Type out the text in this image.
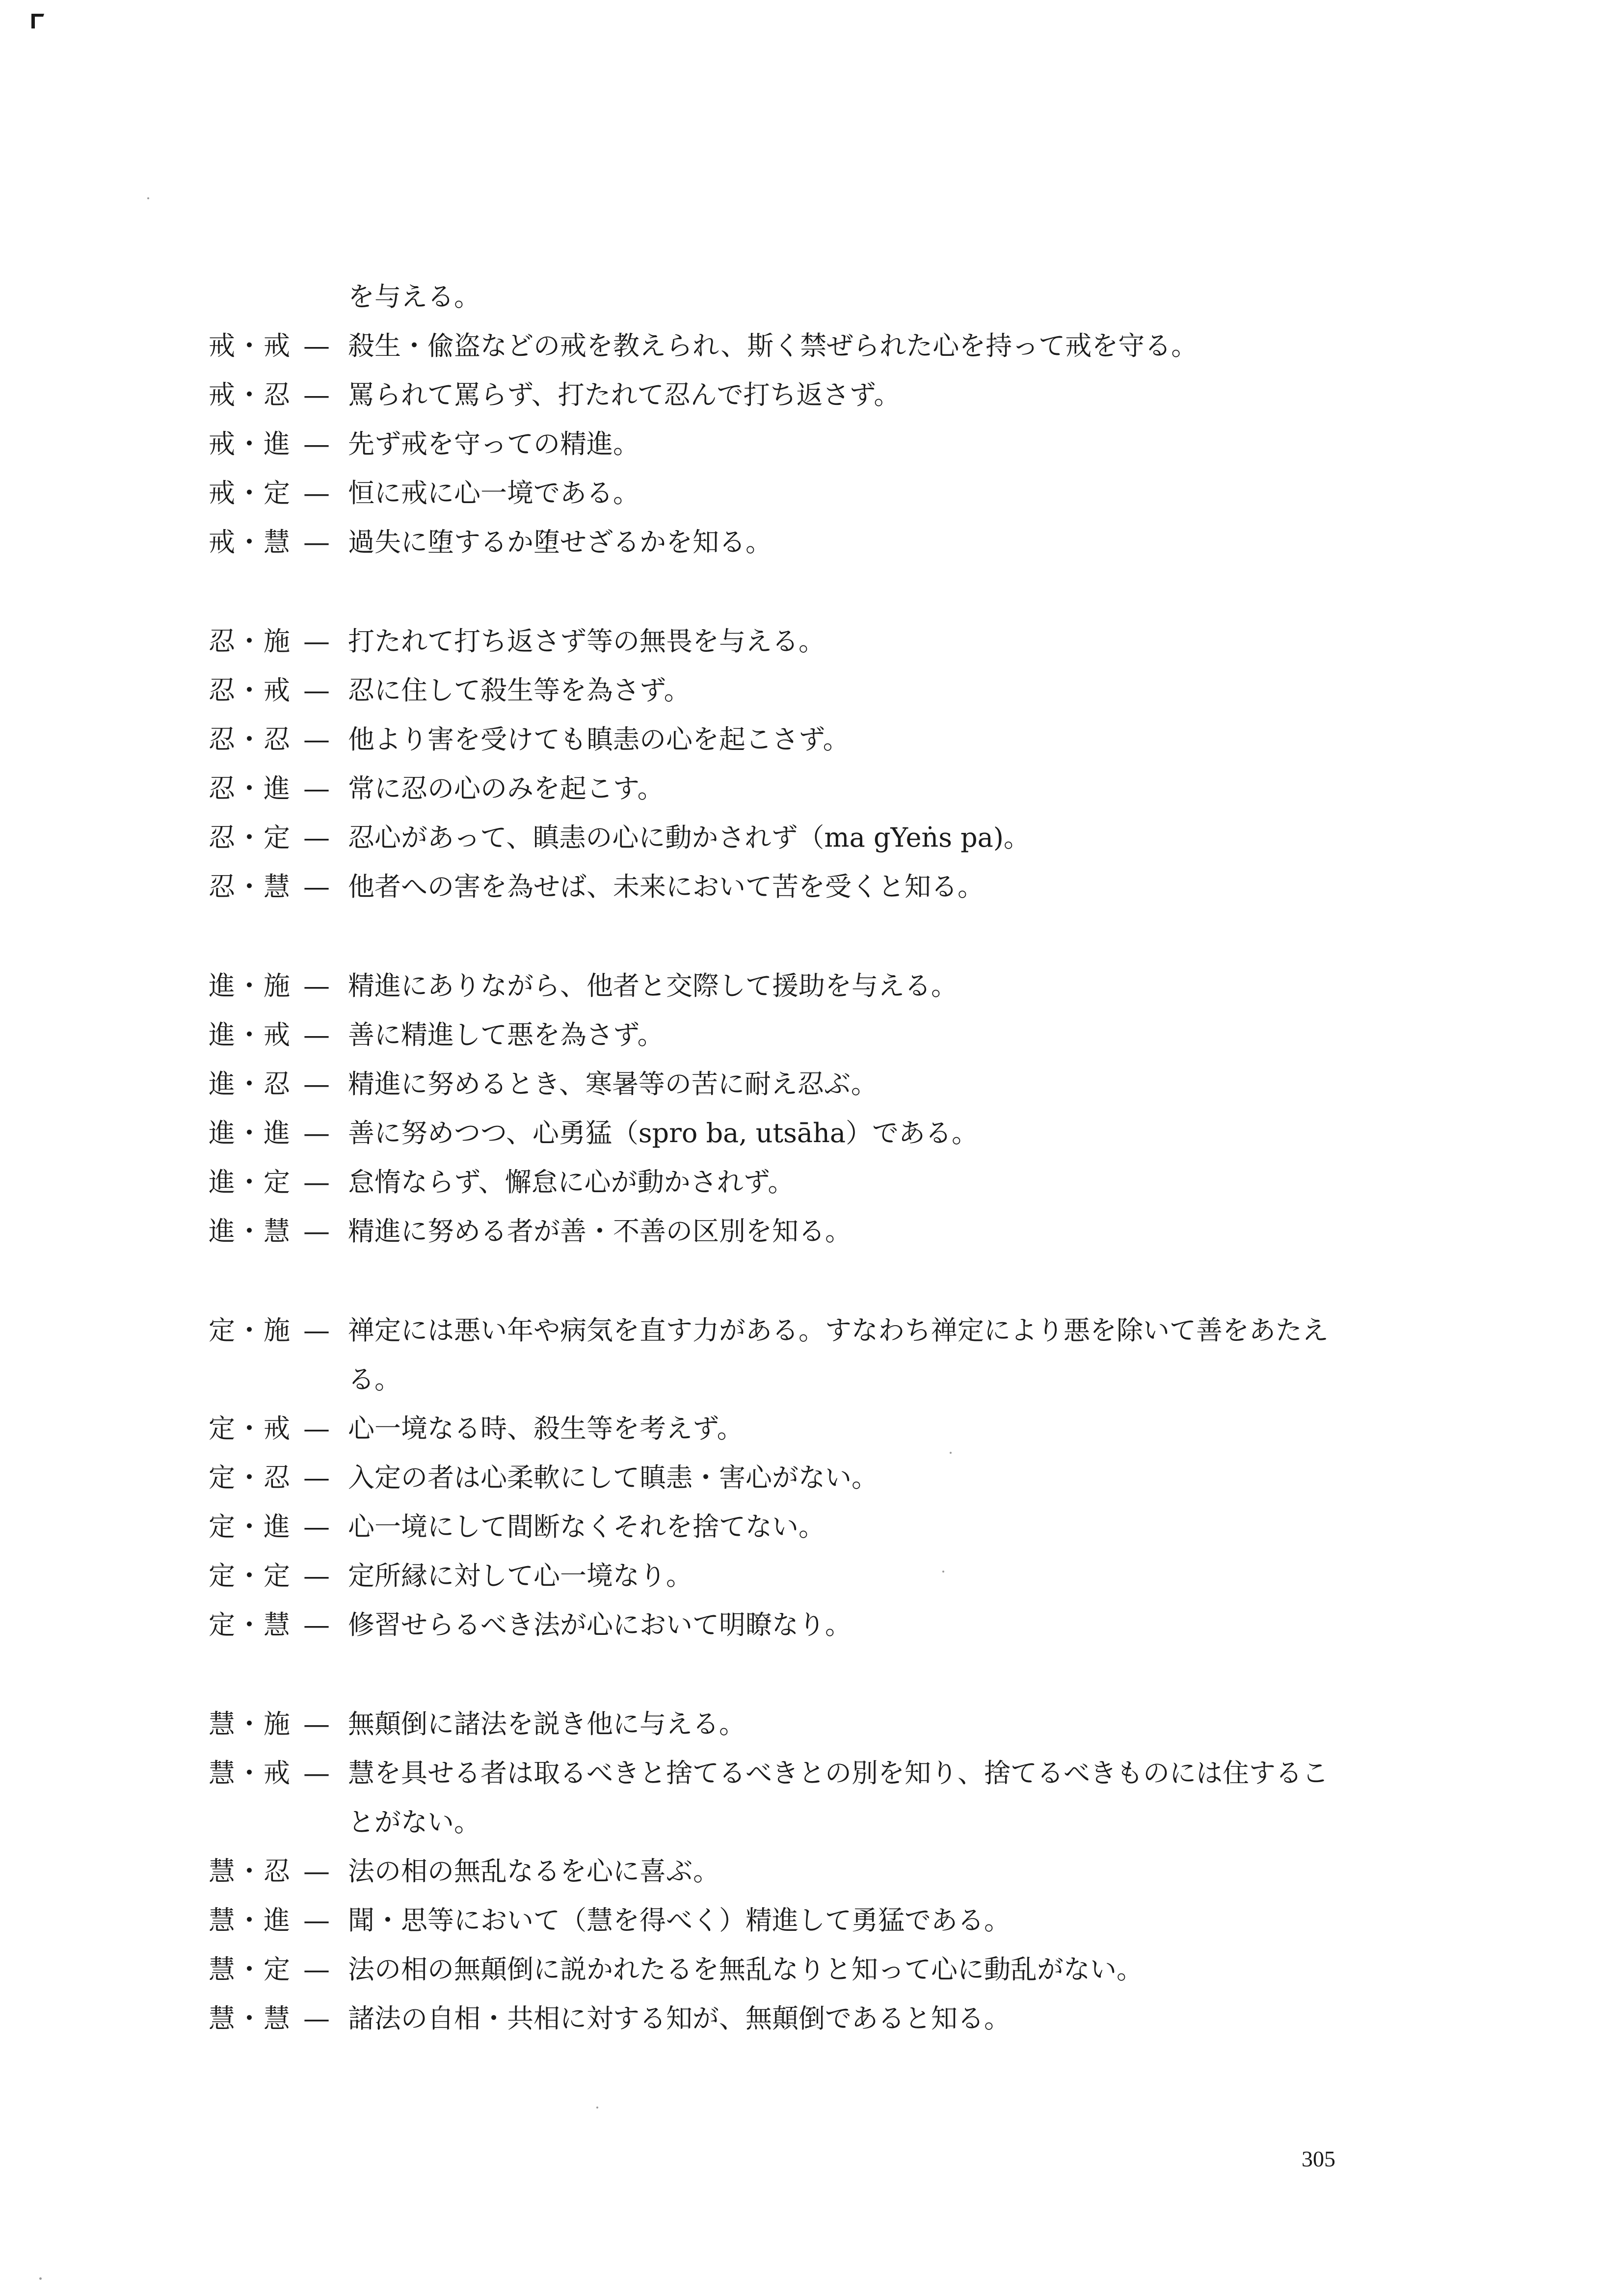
を与える。
戒・戒 — 殺生・偸盗などの戒を教えられ、斯く禁ぜられた心を持って戒を守る。
戒・忍 — 罵られて罵らず、打たれて忍んで打ち返さず。
戒・進 — 先ず戒を守っての精進。
戒・定 — 恒に戒に心一境である。
戒・慧 — 過失に堕するか堕せざるかを知る。
忍・施 — 打たれて打ち返さず等の無畏を与える。
忍・戒 — 忍に住して殺生等を為さず。
忍・忍 — 他より害を受けても瞋恚の心を起こさず。
忍・進 — 常に忍の心のみを起こす。
忍・定 — 忍心があって、瞋恚の心に動かされず（ma gYeṅs pa)。
忍・慧 — 他者への害を為せば、未来において苦を受くと知る。
進・施 — 精進にありながら、他者と交際して援助を与える。
進・戒 — 善に精進して悪を為さず。
進・忍 — 精進に努めるとき、寒暑等の苦に耐え忍ぶ。
進・進 — 善に努めつつ、心勇猛（spro ba, utsāha）である。
進・定 — 怠惰ならず、懈怠に心が動かされず。
進・慧 — 精進に努める者が善・不善の区別を知る。
定・施 — 禅定には悪い年や病気を直す力がある。すなわち禅定により悪を除いて善をあたえ
る。
定・戒 — 心一境なる時、殺生等を考えず。
定・忍 — 入定の者は心柔軟にして瞋恚・害心がない。
定・進 — 心一境にして間断なくそれを捨てない。
定・定 — 定所縁に対して心一境なり。
定・慧 — 修習せらるべき法が心において明瞭なり。
慧・施 — 無顛倒に諸法を説き他に与える。
慧・戒 — 慧を具せる者は取るべきと捨てるべきとの別を知り、捨てるべきものには住するこ
とがない。
慧・忍 — 法の相の無乱なるを心に喜ぶ。
慧・進 — 聞・思等において（慧を得べく）精進して勇猛である。
慧・定 — 法の相の無顛倒に説かれたるを無乱なりと知って心に動乱がない。
慧・慧 — 諸法の自相・共相に対する知が、無顛倒であると知る。
305
